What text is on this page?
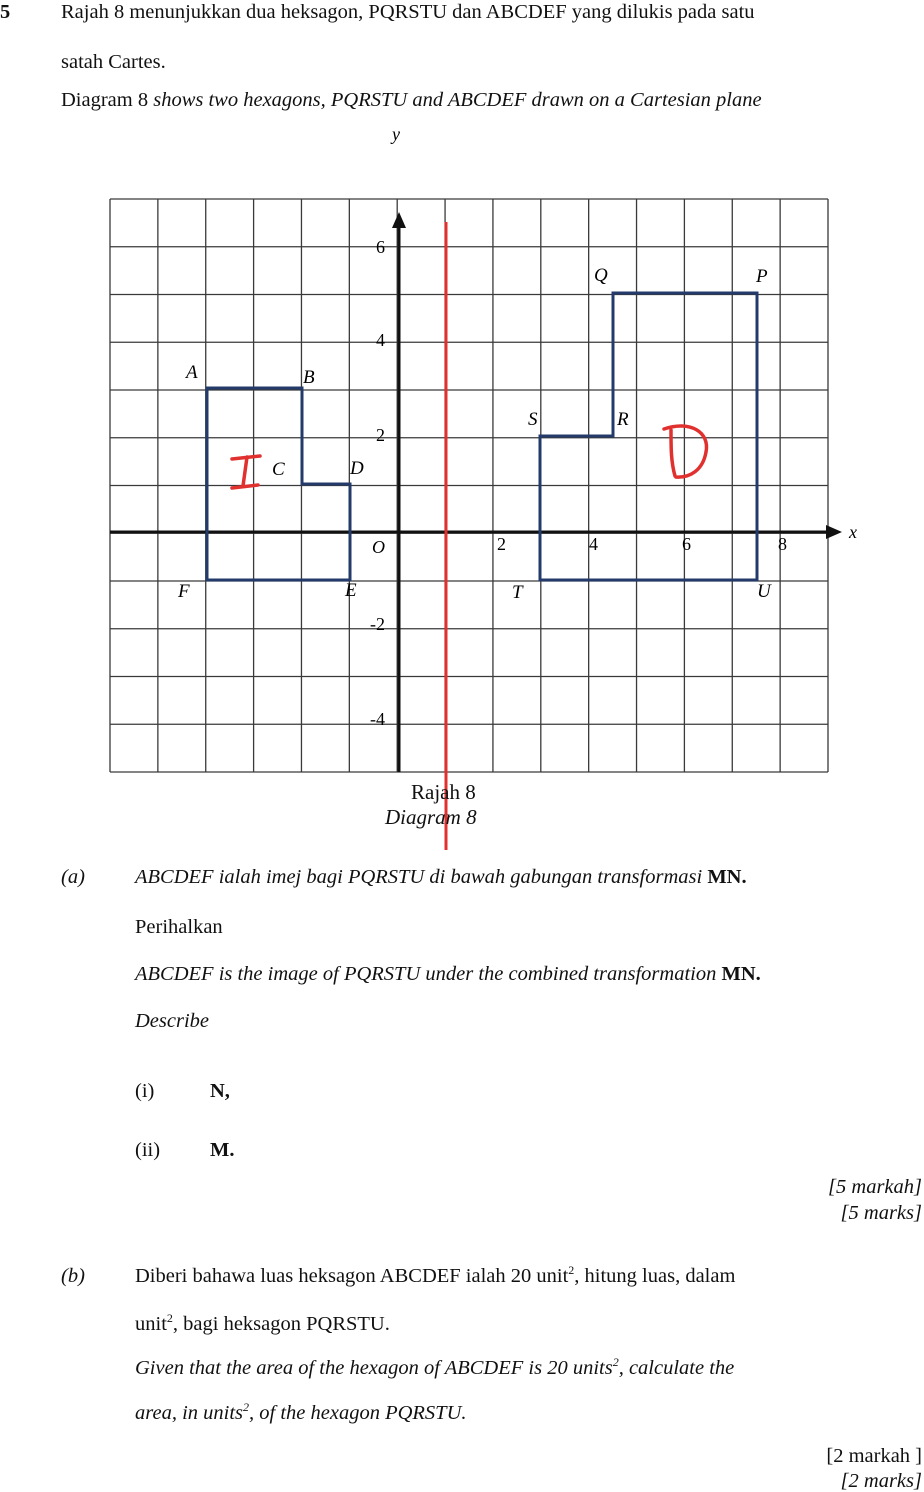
5 Rajah 8 menunjukkan dua heksagon, PQRSTU dan ABCDEF yang dilukis pada satu
satah Cartes.
Diagram 8 shows two hexagons, PQRSTU and ABCDEF drawn on a Cartesian plane
y
x
O	2	4	6	8
6
4
2
-2
-4
P
Q
R
S
T	U
A	B
C	D
E
F
Rajah 8
Diagram 8
(a) ABCDEF ialah imej bagi PQRSTU di bawah gabungan transformasi MN.
Perihalkan
ABCDEF is the image of PQRSTU under the combined transformation MN.
Describe
(i)	N,
(ii) M.
[5 markah]
[5 marks]
(b) Diberi bahawa luas heksagon ABCDEF ialah 20 unit$^2$, hitung luas, dalam
unit$^2$, bagi heksagon PQRSTU.
Given that the area of the hexagon of ABCDEF is 20 units$^2$, calculate the
area, in units$^2$, of the hexagon PQRSTU.
[2 markah ]
[2 marks]
